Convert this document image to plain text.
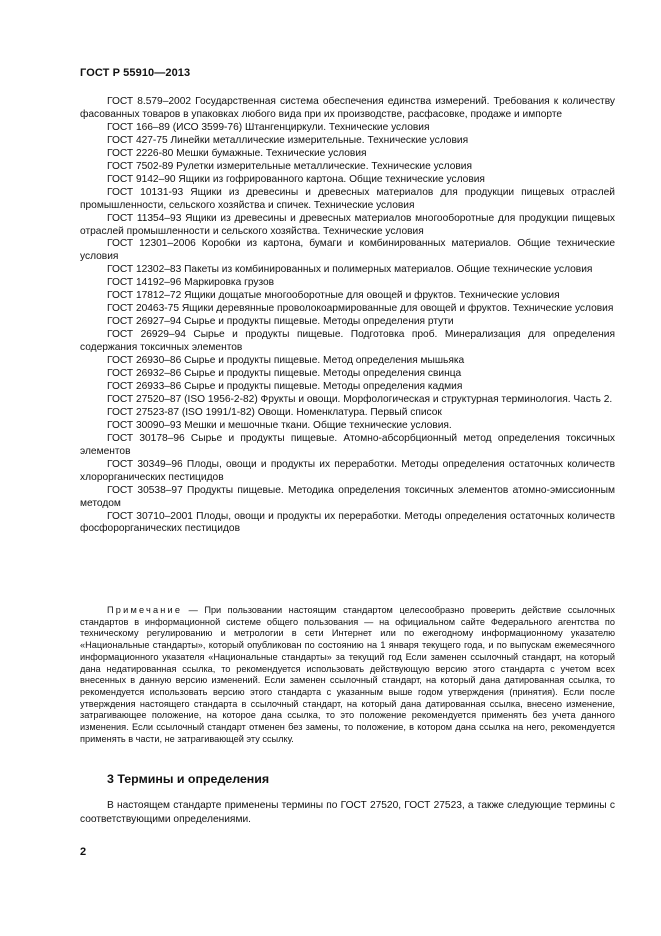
ГОСТ Р 55910—2013

ГОСТ 8.579–2002 Государственная система обеспечения единства измерений. Требования к количеству фасованных товаров в упаковках любого вида при их производстве, расфасовке, продаже и импорте

ГОСТ 166–89 (ИСО 3599-76) Штангенциркули. Технические условия

ГОСТ 427-75 Линейки металлические измерительные. Технические условия

ГОСТ 2226-80 Мешки бумажные. Технические условия

ГОСТ 7502-89 Рулетки измерительные металлические. Технические условия

ГОСТ 9142–90 Ящики из гофрированного картона. Общие технические условия

ГОСТ 10131-93 Ящики из древесины и древесных материалов для продукции пищевых отраслей промышленности, сельского хозяйства и спичек. Технические условия

ГОСТ 11354–93 Ящики из древесины и древесных материалов многооборотные для продукции пищевых отраслей промышленности и сельского хозяйства. Технические условия

ГОСТ 12301–2006 Коробки из картона, бумаги и комбинированных материалов. Общие технические условия

ГОСТ 12302–83 Пакеты из комбинированных и полимерных материалов. Общие технические условия

ГОСТ 14192–96 Маркировка грузов

ГОСТ 17812–72 Ящики дощатые многооборотные для овощей и фруктов. Технические условия

ГОСТ 20463-75 Ящики деревянные проволокоармированные для овощей и фруктов. Технические условия

ГОСТ 26927–94 Сырье и продукты пищевые. Методы определения ртути

ГОСТ 26929–94 Сырье и продукты пищевые. Подготовка проб. Минерализация для определения содержания токсичных элементов

ГОСТ 26930–86 Сырье и продукты пищевые. Метод определения мышьяка

ГОСТ 26932–86 Сырье и продукты пищевые. Методы определения свинца

ГОСТ 26933–86 Сырье и продукты пищевые. Методы определения кадмия

ГОСТ 27520–87 (ISO 1956-2-82) Фрукты и овощи. Морфологическая и структурная терминология. Часть 2.

ГОСТ 27523-87 (ISO 1991/1-82) Овощи. Номенклатура. Первый список

ГОСТ 30090–93 Мешки и мешочные ткани. Общие технические условия.

ГОСТ 30178–96 Сырье и продукты пищевые. Атомно-абсорбционный метод определения токсичных элементов

ГОСТ 30349–96 Плоды, овощи и продукты их переработки. Методы определения остаточных количеств хлорорганических пестицидов

ГОСТ 30538–97 Продукты пищевые. Методика определения токсичных элементов атомно-эмиссионным методом

ГОСТ 30710–2001 Плоды, овощи и продукты их переработки. Методы определения остаточных количеств фосфорорганических пестицидов

Примечание — При пользовании настоящим стандартом целесообразно проверить действие ссылочных стандартов в информационной системе общего пользования — на официальном сайте Федерального агентства по техническому регулированию и метрологии в сети Интернет или по ежегодному информационному указателю «Национальные стандарты», который опубликован по состоянию на 1 января текущего года, и по выпускам ежемесячного информационного указателя «Национальные стандарты» за текущий год Если заменен ссылочный стандарт, на который дана недатированная ссылка, то рекомендуется использовать действующую версию этого стандарта с учетом всех внесенных в данную версию изменений. Если заменен ссылочный стандарт, на который дана датированная ссылка, то рекомендуется использовать версию этого стандарта с указанным выше годом утверждения (принятия). Если после утверждения настоящего стандарта в ссылочный стандарт, на который дана датированная ссылка, внесено изменение, затрагивающее положение, на которое дана ссылка, то это положение рекомендуется применять без учета данного изменения. Если ссылочный стандарт отменен без замены, то положение, в котором дана ссылка на него, рекомендуется применять в части, не затрагивающей эту ссылку.

3 Термины и определения

В настоящем стандарте применены термины по ГОСТ 27520, ГОСТ 27523, а также следующие термины с соответствующими определениями.

2
